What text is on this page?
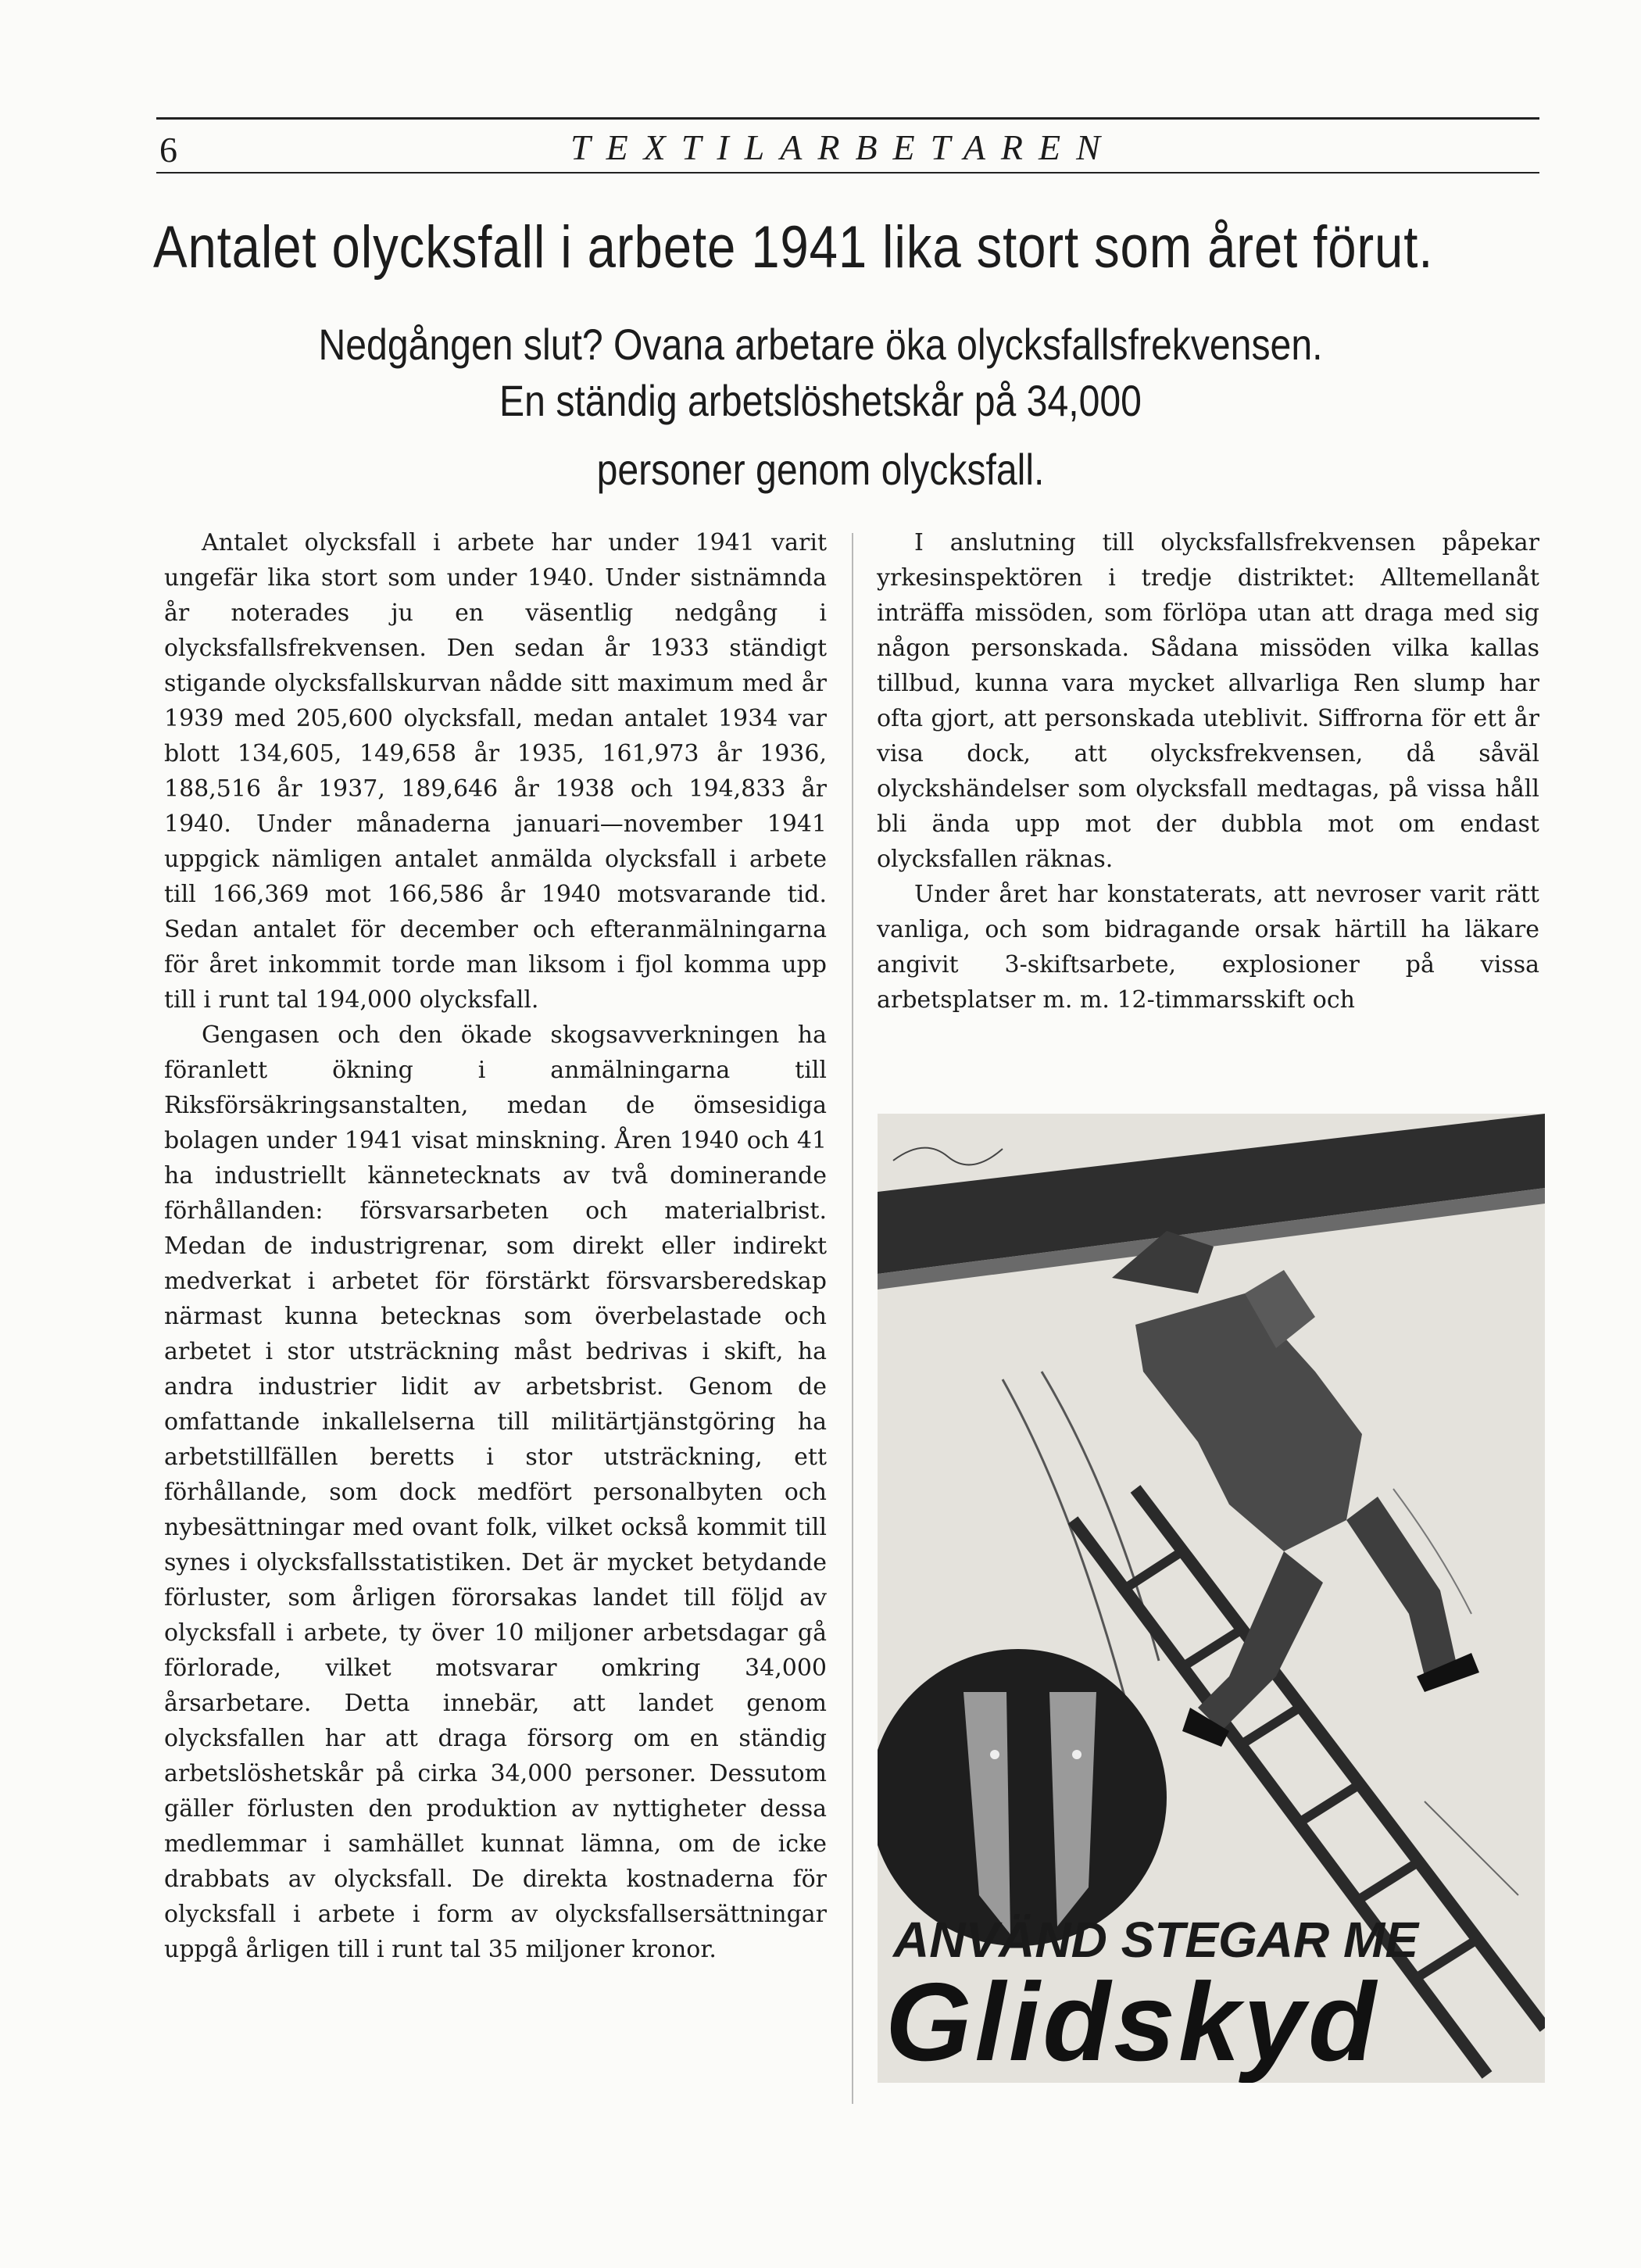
6	TEXTILARBETAREN
Antalet olycksfall i arbete 1941 lika stort som året förut.
Nedgången slut? Ovana arbetare öka olycksfallsfrekvensen.
En ständig arbetslöshetskår på 34,000
personer genom olycksfall.

Antalet olycksfall i arbete har under 1941 varit ungefär lika stort som under 1940. Under sistnämnda år noterades ju en väsentlig nedgång i olycksfallsfrekvensen. Den sedan år 1933 ständigt stigande olycksfallskurvan nådde sitt maximum med år 1939 med 205,600 olycksfall, medan antalet 1934 var blott 134,605, 149,658 år 1935, 161,973 år 1936, 188,516 år 1937, 189,646 år 1938 och 194,833 år 1940. Under månaderna januari—november 1941 uppgick nämligen antalet anmälda olycksfall i arbete till 166,369 mot 166,586 år 1940 motsvarande tid. Sedan antalet för december och efteranmälningarna för året inkommit torde man liksom i fjol komma upp till i runt tal 194,000 olycksfall.

Gengasen och den ökade skogsavverkningen ha föranlett ökning i anmälningarna till Riksförsäkringsanstalten, medan de ömsesidiga bolagen under 1941 visat minskning. Åren 1940 och 41 ha industriellt kännetecknats av två dominerande förhållanden: försvarsarbeten och materialbrist. Medan de industrigrenar, som direkt eller indirekt medverkat i arbetet för förstärkt försvarsberedskap närmast kunna betecknas som överbelastade och arbetet i stor utsträckning måst bedrivas i skift, ha andra industrier lidit av arbetsbrist. Genom de omfattande inkallelserna till militärtjänstgöring ha arbetstillfällen beretts i stor utsträckning, ett förhållande, som dock medfört personalbyten och nybesättningar med ovant folk, vilket också kommit till synes i olycksfallsstatistiken. Det är mycket betydande förluster, som årligen förorsakas landet till följd av olycksfall i arbete, ty över 10 miljoner arbetsdagar gå förlorade, vilket motsvarar omkring 34,000 årsarbetare. Detta innebär, att landet genom olycksfallen har att draga försorg om en ständig arbetslöshetskår på cirka 34,000 personer. Dessutom gäller förlusten den produktion av nyttigheter dessa medlemmar i samhället kunnat lämna, om de icke drabbats av olycksfall. De direkta kostnaderna för olycksfall i arbete i form av olycksfallsersättningar uppgå årligen till i runt tal 35 miljoner kronor.

I anslutning till olycksfallsfrekvensen påpekar yrkesinspektören i tredje distriktet: Alltemellanåt inträffa missöden, som förlöpa utan att draga med sig någon personskada. Sådana missöden vilka kallas tillbud, kunna vara mycket allvarliga Ren slump har ofta gjort, att personskada uteblivit. Siffrorna för ett år visa dock, att olycksfrekvensen, då såväl olyckshändelser som olycksfall medtagas, på vissa håll bli ända upp mot der dubbla mot om endast olycksfallen räknas.

Under året har konstaterats, att nevroser varit rätt vanliga, och som bidragande orsak härtill ha läkare angivit 3-skiftsarbete, explosioner på vissa arbetsplatser m. m. 12-timmarsskift och

ANVÄND STEGAR ME
Glidskyd
